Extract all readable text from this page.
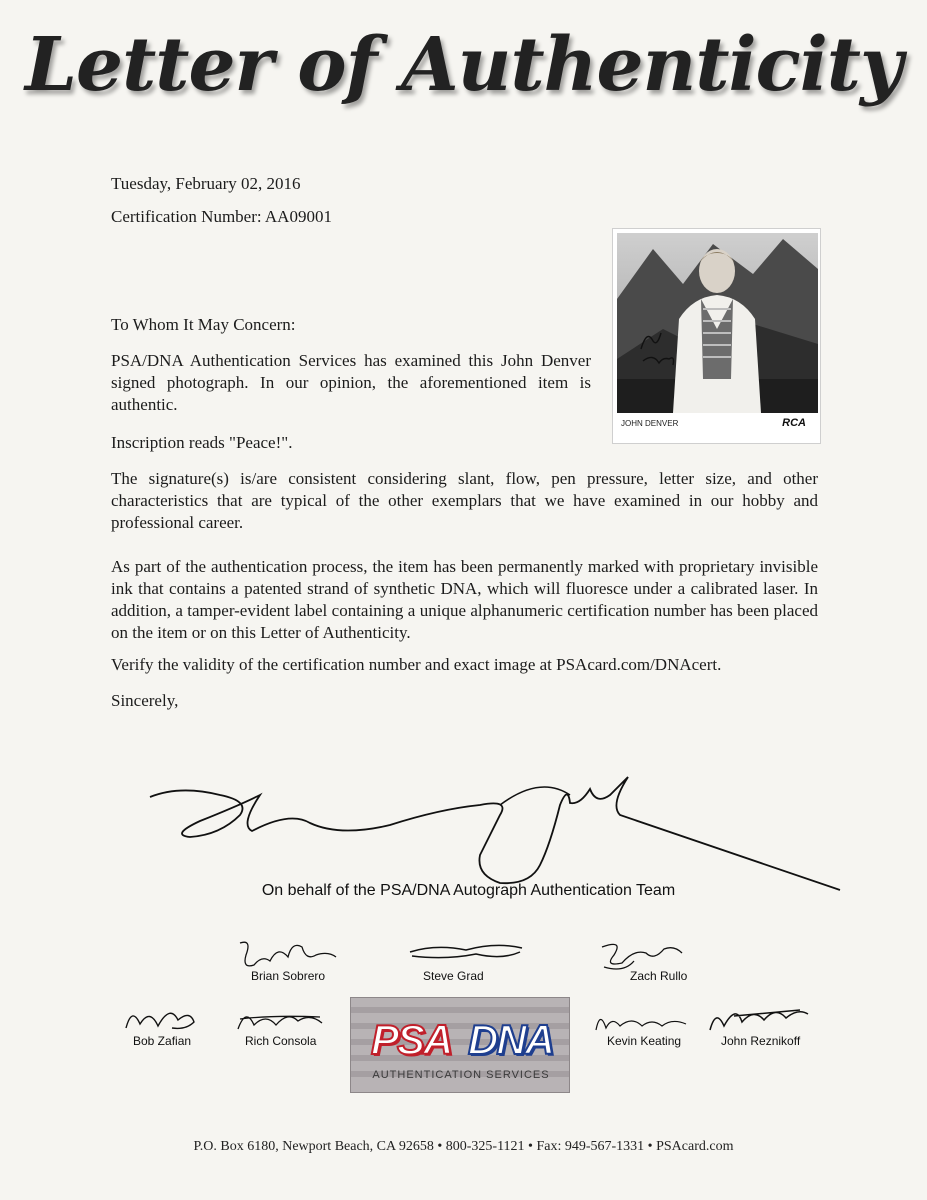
Letter of Authenticity
Tuesday, February 02, 2016
Certification Number: AA09001
JOHN DENVER	RCA
To Whom It May Concern:
PSA/DNA Authentication Services has examined this John Denver signed photograph. In our opinion, the aforementioned item is authentic.
Inscription reads "Peace!".
The signature(s) is/are consistent considering slant, flow, pen pressure, letter size, and other characteristics that are typical of the other exemplars that we have examined in our hobby and professional career.
As part of the authentication process, the item has been permanently marked with proprietary invisible ink that contains a patented strand of synthetic DNA, which will fluoresce under a calibrated laser. In addition, a tamper-evident label containing a unique alphanumeric certification number has been placed on the item or on this Letter of Authenticity.
Verify the validity of the certification number and exact image at PSAcard.com/DNAcert.
Sincerely,
On behalf of the PSA/DNA Autograph Authentication Team
Brian Sobrero	Steve Grad	Zach Rullo
Bob Zafian	Rich Consola PSA DNA
AUTHENTICATION SERVICES
Kevin Keating	John Reznikoff
P.O. Box 6180, Newport Beach, CA 92658 • 800-325-1121 • Fax: 949-567-1331 • PSAcard.com
